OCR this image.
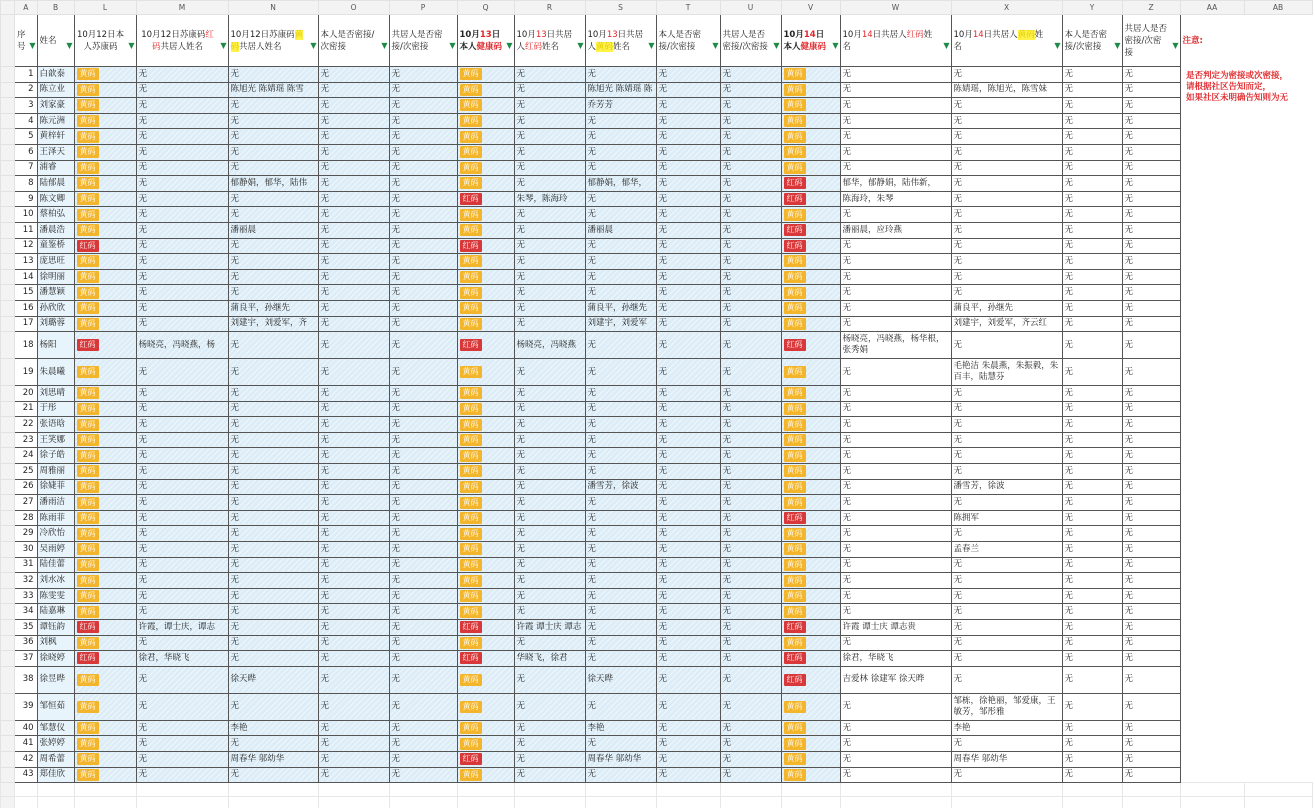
	A	B	L	M	N	O	P	Q	R	S	T	U	V	W	X	Y	Z	AA	AB
	序号 ▼	姓名 ▼	10月12日本人苏康码 ▼	10月12日苏康码红码共居人姓名 ▼	10月12日苏康码黄码共居人姓名 ▼	本人是否密接/次密接 ▼	共居人是否密接/次密接 ▼	10月13日本人健康码 ▼	10月13日共居人红码姓名 ▼	10月13日共居人黄码姓名 ▼	本人是否密接/次密接 ▼	共居人是否密接/次密接 ▼	10月14日本人健康码 ▼	10月14日共居人红码姓名 ▼	10月14日共居人黄码姓名 ▼	本人是否密接/次密接 ▼	共居人是否密接/次密接
▼	注意:	
	1	白歆泰	黄码	无	无	无	无	黄码	无	无	无	无	黄码	无	无	无	无		
	2	陈立业	黄码	无	陈旭光 陈婧瑶 陈雪	无	无	黄码	无	陈旭光 陈婧瑶 陈	无	无	黄码	无	陈婧瑶，陈旭光，陈雪妹	无	无		
	3	刘家豪	黄码	无	无	无	无	黄码	无	乔芳芳	无	无	黄码	无	无	无	无		
	4	陈元洲	黄码	无	无	无	无	黄码	无	无	无	无	黄码	无	无	无	无		
	5	黄梓轩	黄码	无	无	无	无	黄码	无	无	无	无	黄码	无	无	无	无		
	6	王泽天	黄码	无	无	无	无	黄码	无	无	无	无	黄码	无	无	无	无		
	7	浦睿	黄码	无	无	无	无	黄码	无	无	无	无	黄码	无	无	无	无		
	8	陆郁晨	黄码	无	郁静娟，郁华，陆伟	无	无	黄码	无	郁静娟，郁华，	无	无	红码	郁华，郁静娟，陆伟新，	无	无	无		
	9	陈文卿	黄码	无	无	无	无	红码	朱琴，陈海玲	无	无	无	红码	陈海玲，朱琴	无	无	无		
	10	蔡柏弘	黄码	无	无	无	无	黄码	无	无	无	无	黄码	无	无	无	无		
	11	潘晨浩	黄码	无	潘丽晨	无	无	黄码	无	潘丽晨	无	无	红码	潘丽晨，应玲燕	无	无	无		
	12	童鉴桥	红码	无	无	无	无	红码	无	无	无	无	红码	无	无	无	无		
	13	庞思旺	黄码	无	无	无	无	黄码	无	无	无	无	黄码	无	无	无	无		
	14	徐明丽	黄码	无	无	无	无	黄码	无	无	无	无	黄码	无	无	无	无		
	15	潘慧颖	黄码	无	无	无	无	黄码	无	无	无	无	黄码	无	无	无	无		
	16	孙欣欣	黄码	无	蒲良平，孙继先	无	无	黄码	无	蒲良平，孙继先	无	无	黄码	无	蒲良平，孙继先	无	无		
	17	刘璐蓉	黄码	无	刘建宇，刘爱军，齐	无	无	黄码	无	刘建宇，刘爱军	无	无	黄码	无	刘建宇，刘爱军，齐云红	无	无		
	18	杨阳	红码	杨晓亮，冯晓燕，杨	无	无	无	红码	杨晓亮，冯晓燕	无	无	无	红码	杨晓亮，冯晓燕，杨华根，张秀娟	无	无	无		
	19	朱晨曦	黄码	无	无	无	无	黄码	无	无	无	无	黄码	无	毛艳洁 朱晨燕，朱振毅，朱百丰，陆慧芬	无	无		
	20	刘思晴	黄码	无	无	无	无	黄码	无	无	无	无	黄码	无	无	无	无		
	21	于彤	黄码	无	无	无	无	黄码	无	无	无	无	黄码	无	无	无	无		
	22	张语晗	黄码	无	无	无	无	黄码	无	无	无	无	黄码	无	无	无	无		
	23	王笑娜	黄码	无	无	无	无	黄码	无	无	无	无	黄码	无	无	无	无		
	24	徐子皓	黄码	无	无	无	无	黄码	无	无	无	无	黄码	无	无	无	无		
	25	周雅丽	黄码	无	无	无	无	黄码	无	无	无	无	黄码	无	无	无	无		
	26	徐婕菲	黄码	无	无	无	无	黄码	无	潘雪芳，徐波	无	无	黄码	无	潘雪芳，徐波	无	无		
	27	潘雨洁	黄码	无	无	无	无	黄码	无	无	无	无	黄码	无	无	无	无		
	28	陈雨菲	黄码	无	无	无	无	黄码	无	无	无	无	红码	无	陈拥军	无	无		
	29	冷欣怡	黄码	无	无	无	无	黄码	无	无	无	无	黄码	无	无	无	无		
	30	吴雨婷	黄码	无	无	无	无	黄码	无	无	无	无	黄码	无	孟春兰	无	无		
	31	陆佳蕾	黄码	无	无	无	无	黄码	无	无	无	无	黄码	无	无	无	无		
	32	刘水冰	黄码	无	无	无	无	黄码	无	无	无	无	黄码	无	无	无	无		
	33	陈雯雯	黄码	无	无	无	无	黄码	无	无	无	无	黄码	无	无	无	无		
	34	陆嘉琳	黄码	无	无	无	无	黄码	无	无	无	无	黄码	无	无	无	无		
	35	谭钰韵	红码	许霞，谭士庆，谭志	无	无	无	红码	许霞 谭士庆 谭志	无	无	无	红码	许霞 谭士庆 谭志贵	无	无	无		
	36	刘枫	黄码	无	无	无	无	黄码	无	无	无	无	黄码	无	无	无	无		
	37	徐晓婷	红码	徐君，华晓飞	无	无	无	红码	华晓飞，徐君	无	无	无	红码	徐君，华晓飞	无	无	无		
	38	徐昱晔	黄码	无	徐天晔	无	无	黄码	无	徐天晔	无	无	红码	吉爱林 徐建军 徐天晔	无	无	无		
	39	邹恒茹	黄码	无	无	无	无	黄码	无	无	无	无	黄码	无	邹栋，徐艳丽，邹爱康，王敏芳，邹彤雅	无	无		
	40	邹慧仪	黄码	无	李艳	无	无	黄码	无	李艳	无	无	黄码	无	李艳	无	无		
	41	张婷婷	黄码	无	无	无	无	黄码	无	无	无	无	黄码	无	无	无	无		
	42	周希蕾	黄码	无	周春华 邬幼华	无	无	红码	无	周春华 邬幼华	无	无	黄码	无	周春华 邬幼华	无	无		
	43	郑佳欣	黄码	无	无	无	无	黄码	无	无	无	无	黄码	无	无	无	无		

是否判定为密接或次密接，
请根据社区告知而定，
如果社区未明确告知则为无
